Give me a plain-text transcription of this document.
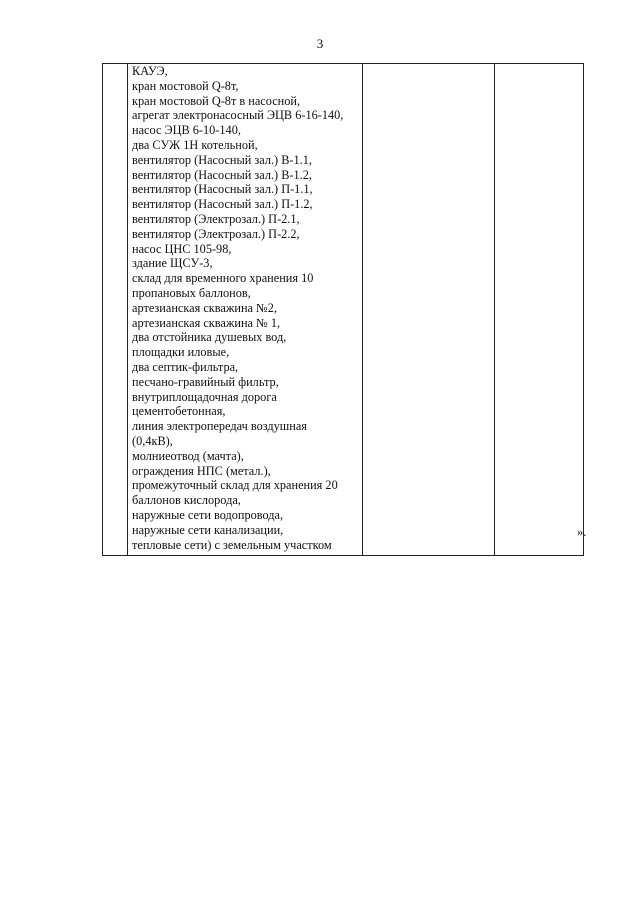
3

КАУЭ,
кран мостовой Q-8т,
кран мостовой Q-8т в насосной,
агрегат электронасосный ЭЦВ 6-16-140,
насос ЭЦВ 6-10-140,
два СУЖ 1Н котельной,
вентилятор (Насосный зал.) В-1.1,
вентилятор (Насосный зал.) В-1.2,
вентилятор (Насосный зал.) П-1.1,
вентилятор (Насосный зал.) П-1.2,
вентилятор (Электрозал.) П-2.1,
вентилятор (Электрозал.) П-2.2,
насос ЦНС 105-98,
здание ЩСУ-3,
склад для временного хранения 10
пропановых баллонов,
артезианская скважина №2,
артезианская скважина № 1,
два отстойника душевых вод,
площадки иловые,
два септик-фильтра,
песчано-гравийный фильтр,
внутриплощадочная дорога
цементобетонная,
линия электропередач воздушная
(0,4кВ),
молниеотвод (мачта),
ограждения НПС (метал.),
промежуточный склад для хранения 20
баллонов кислорода,
наружные сети водопровода,
наружные сети канализации,
тепловые сети) с земельным участком

».
